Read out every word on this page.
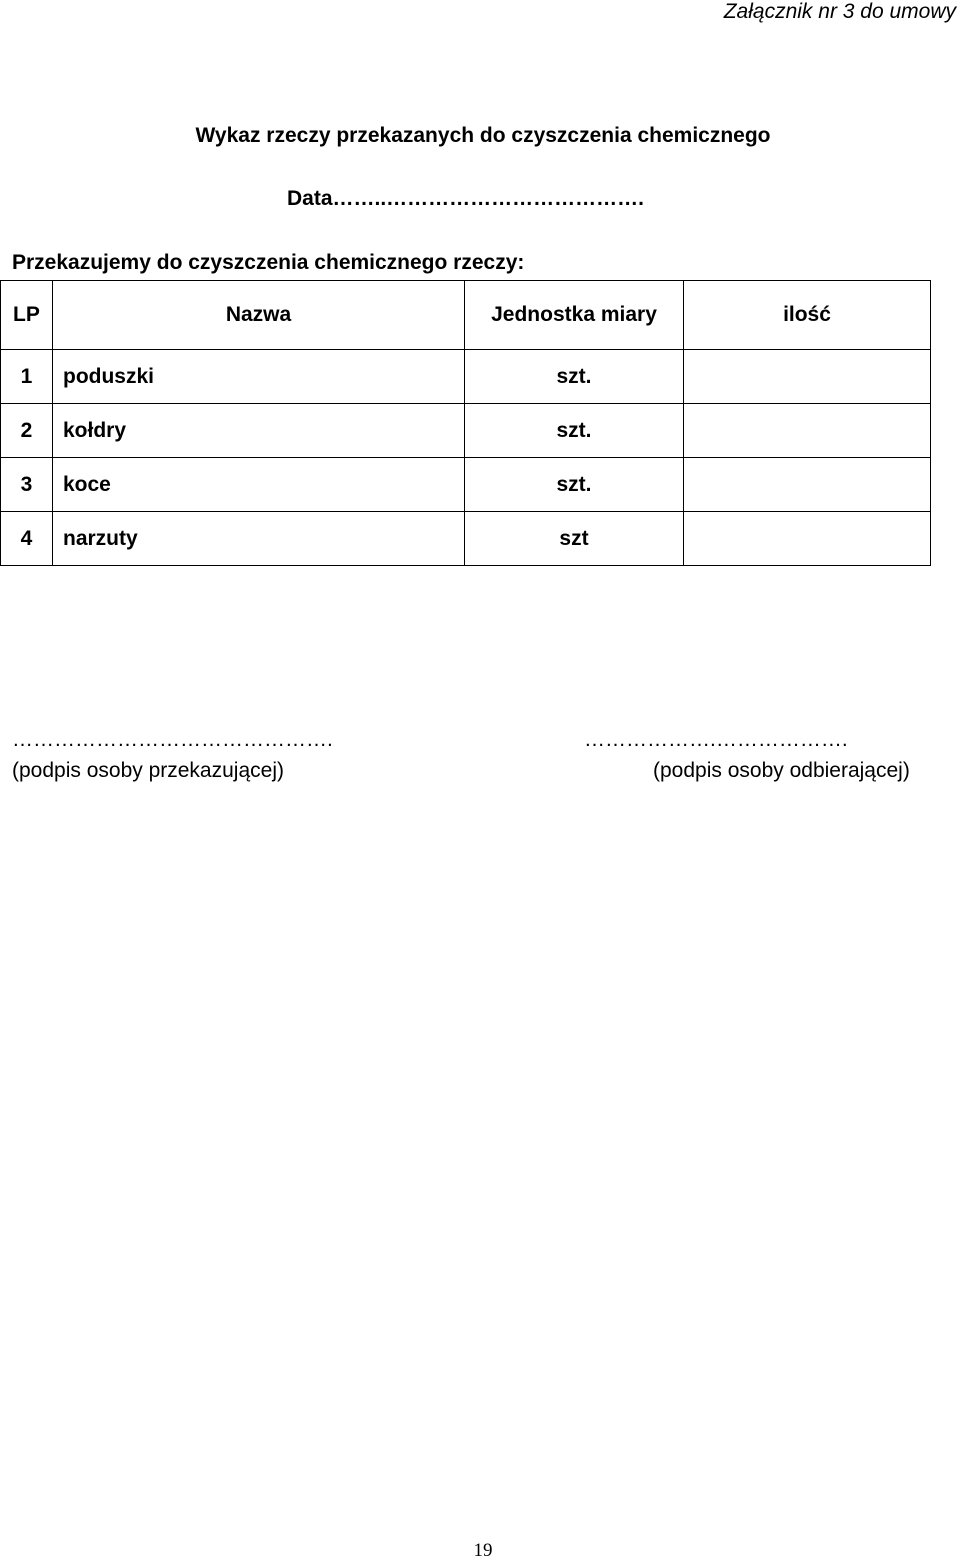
Załącznik nr 3 do umowy
Wykaz rzeczy przekazanych do czyszczenia chemicznego
Data……..……………………………….
Przekazujemy do czyszczenia chemicznego rzeczy:
LP	Nazwa	Jednostka miary	ilość
1	poduszki	szt.	
2	kołdry	szt.	
3	koce	szt.	
4	narzuty	szt	
……………………………………….
(podpis osoby przekazującej)
……………….……………….
(podpis osoby odbierającej)
19
